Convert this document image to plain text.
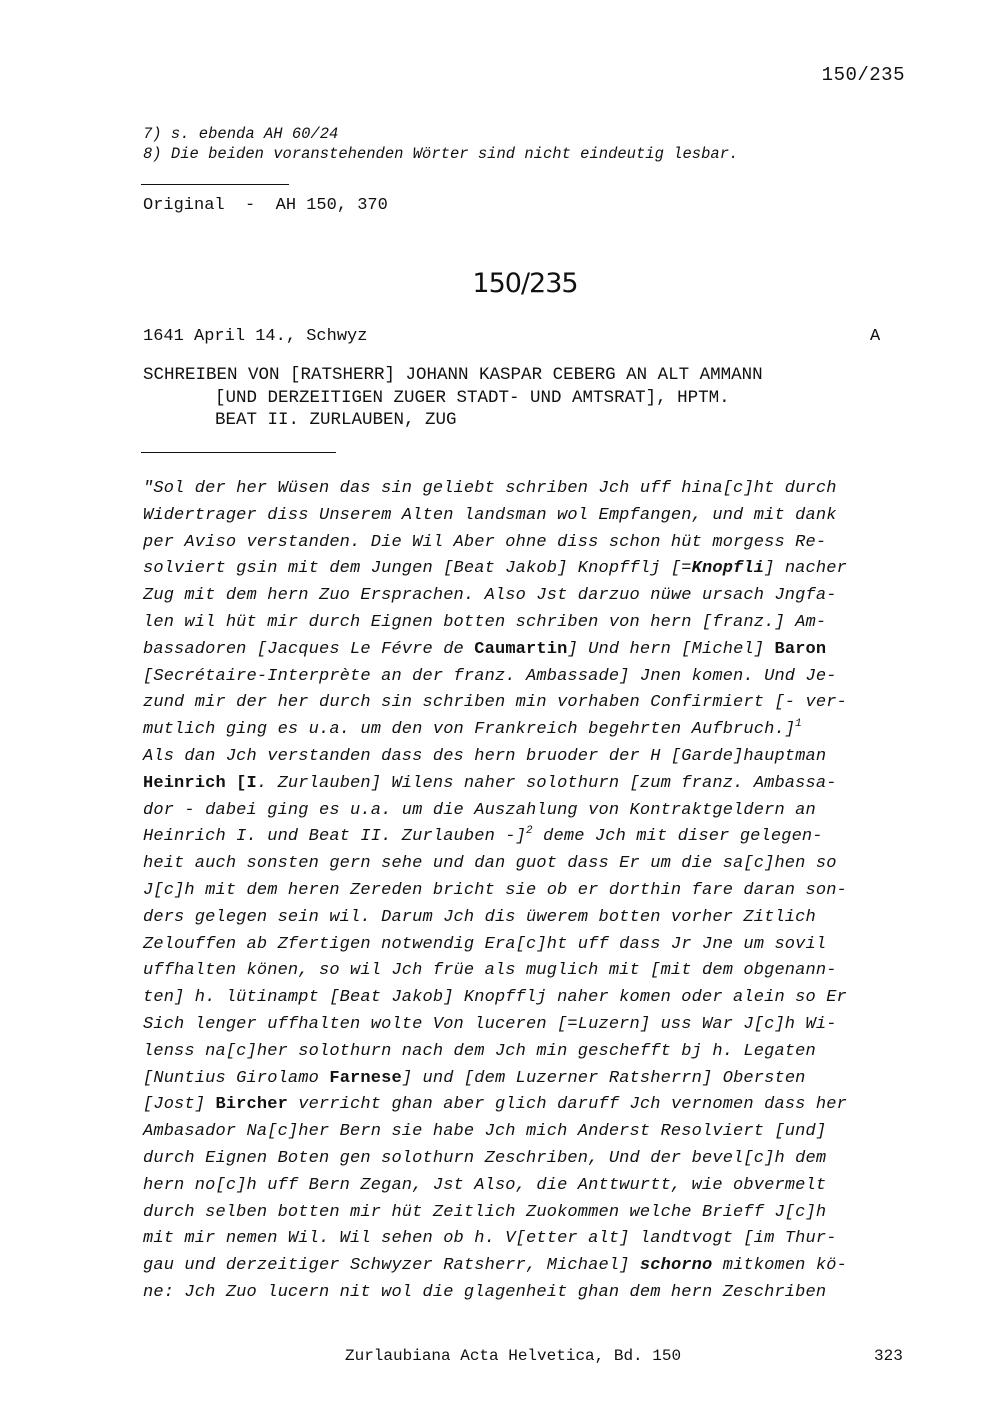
150/235
7) s. ebenda AH 60/24
8) Die beiden voranstehenden Wörter sind nicht eindeutig lesbar.
Original  -  AH 150, 370
150/235
1641 April 14., Schwyz	A
SCHREIBEN VON [RATSHERR] JOHANN KASPAR CEBERG AN ALT AMMANN
[UND DERZEITIGEN ZUGER STADT- UND AMTSRAT], HPTM.
BEAT II. ZURLAUBEN, ZUG
"Sol der her Wüsen das sin geliebt schriben Jch uff hina[c]ht durch
Widertrager diss Unserem Alten landsman wol Empfangen, und mit dank
per Aviso verstanden. Die Wil Aber ohne diss schon hüt morgess Re-
solviert gsin mit dem Jungen [Beat Jakob] Knopfflj [=Knopfli] nacher
Zug mit dem hern Zuo Ersprachen. Also Jst darzuo nüwe ursach Jngfa-
len wil hüt mir durch Eignen botten schriben von hern [franz.] Am-
bassadoren [Jacques Le Févre de Caumartin] Und hern [Michel] Baron
[Secrétaire-Interprète an der franz. Ambassade] Jnen komen. Und Je-
zund mir der her durch sin schriben min vorhaben Confirmiert [- ver-
mutlich ging es u.a. um den von Frankreich begehrten Aufbruch.]$^1$
Als dan Jch verstanden dass des hern bruoder der H [Garde]hauptman
Heinrich [I. Zurlauben] Wilens naher solothurn [zum franz. Ambassa-
dor - dabei ging es u.a. um die Auszahlung von Kontraktgeldern an
Heinrich I. und Beat II. Zurlauben -]$^2$ deme Jch mit diser gelegen-
heit auch sonsten gern sehe und dan guot dass Er um die sa[c]hen so
J[c]h mit dem heren Zereden bricht sie ob er dorthin fare daran son-
ders gelegen sein wil. Darum Jch dis üwerem botten vorher Zitlich
Zelouffen ab Zfertigen notwendig Era[c]ht uff dass Jr Jne um sovil
uffhalten könen, so wil Jch früe als muglich mit [mit dem obgenann-
ten] h. lütinampt [Beat Jakob] Knopfflj naher komen oder alein so Er
Sich lenger uffhalten wolte Von luceren [=Luzern] uss War J[c]h Wi-
lenss na[c]her solothurn nach dem Jch min geschefft bj h. Legaten
[Nuntius Girolamo Farnese] und [dem Luzerner Ratsherrn] Obersten
[Jost] Bircher verricht ghan aber glich daruff Jch vernomen dass her
Ambasador Na[c]her Bern sie habe Jch mich Anderst Resolviert [und]
durch Eignen Boten gen solothurn Zeschriben, Und der bevel[c]h dem
hern no[c]h uff Bern Zegan, Jst Also, die Anttwurtt, wie obvermelt
durch selben botten mir hüt Zeitlich Zuokommen welche Brieff J[c]h
mit mir nemen Wil. Wil sehen ob h. V[etter alt] landtvogt [im Thur-
gau und derzeitiger Schwyzer Ratsherr, Michael] schorno mitkomen kö-
ne: Jch Zuo lucern nit wol die glagenheit ghan dem hern Zeschriben
Zurlaubiana Acta Helvetica, Bd. 150	323
